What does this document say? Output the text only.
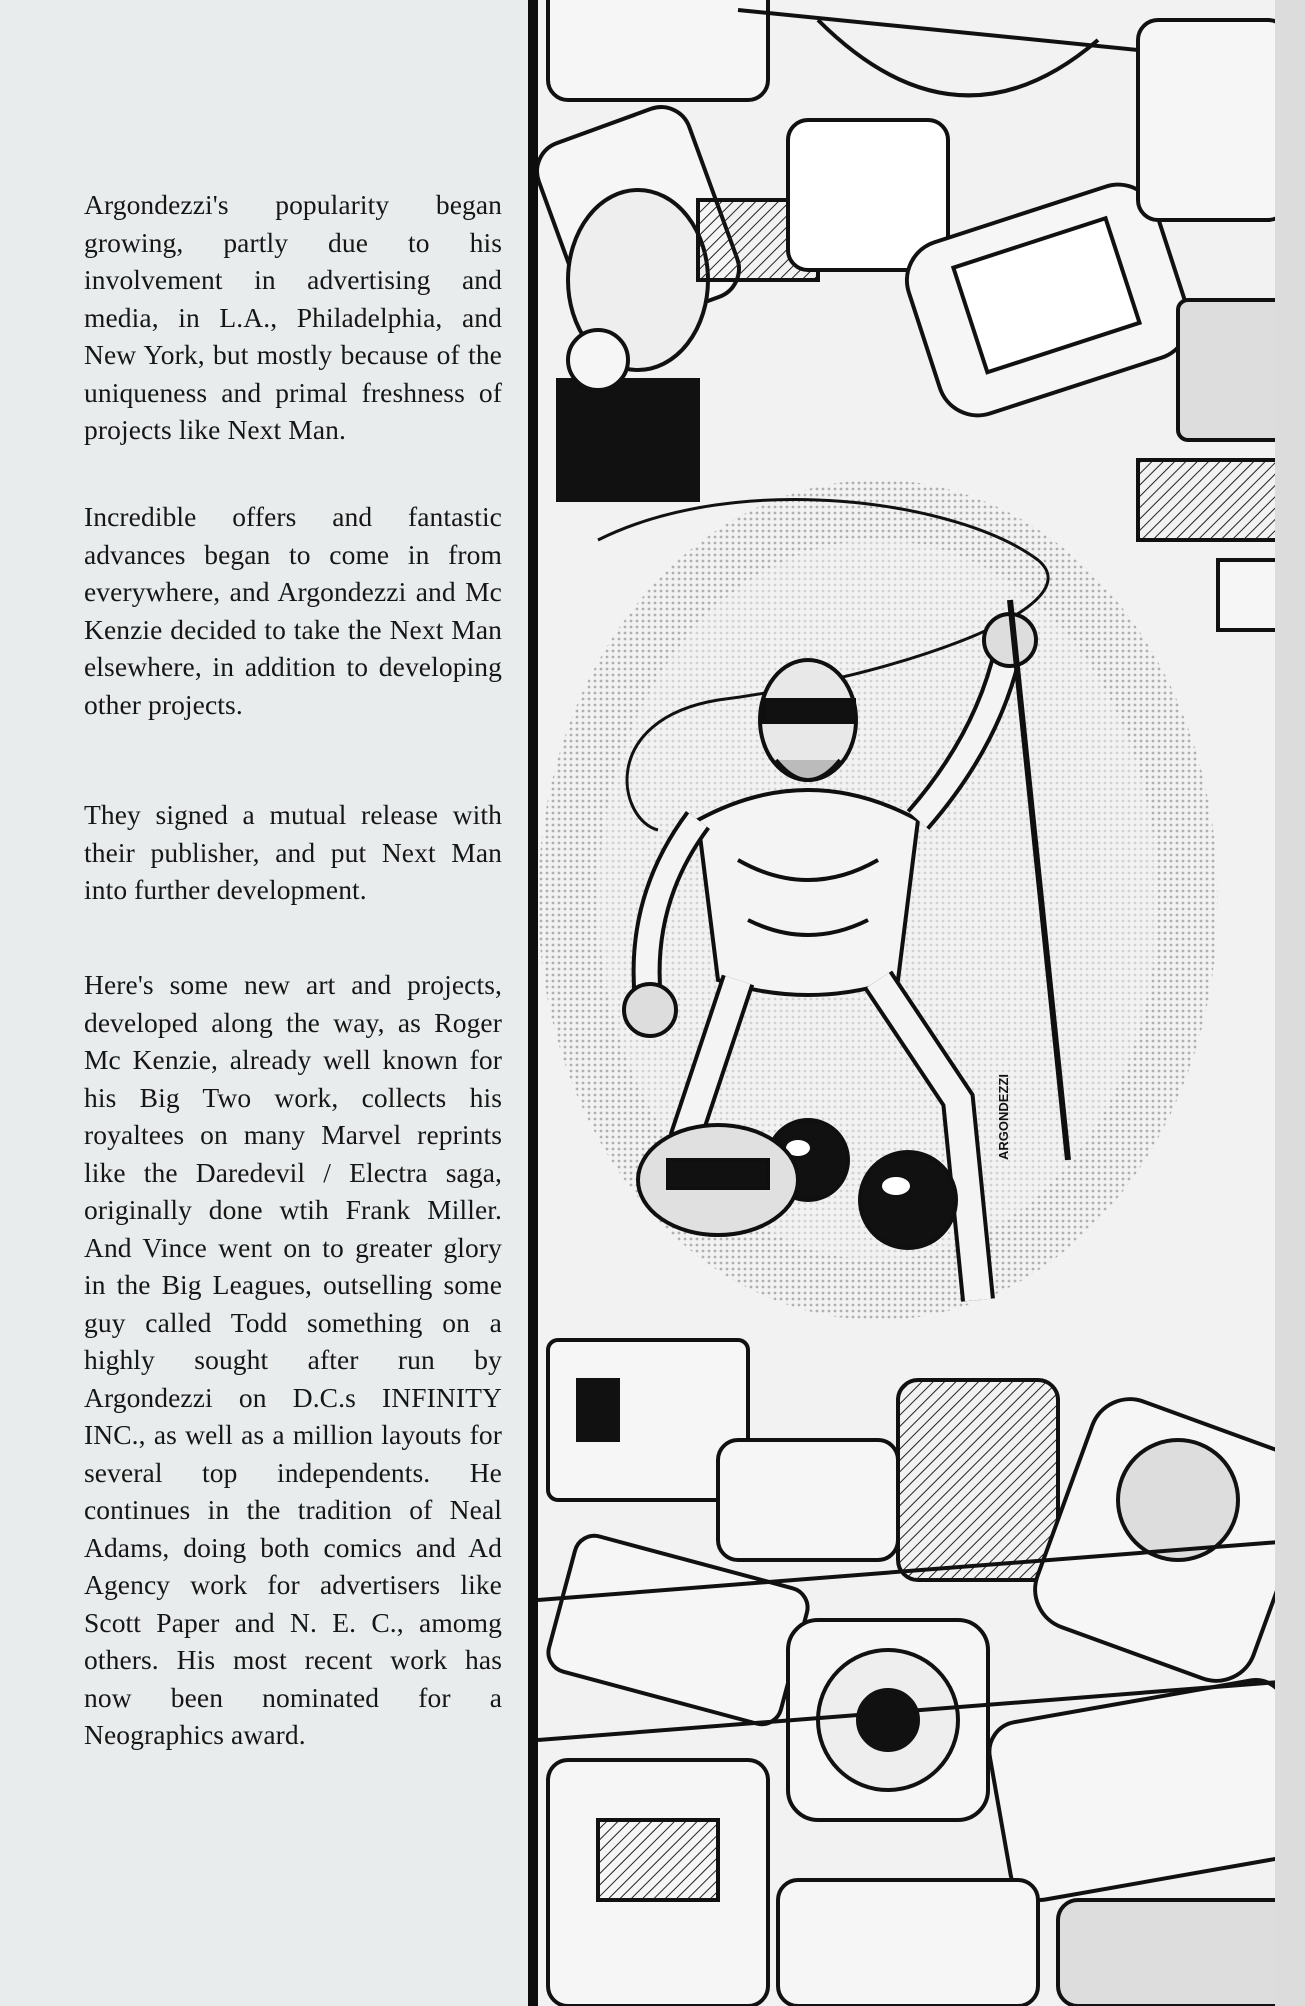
Argondezzi's popularity began growing, partly due to his involvement in advertising and media, in L.A., Philadelphia, and New York, but mostly because of the uniqueness and primal freshness of projects like Next Man.

Incredible offers and fantastic advances began to come in from everywhere, and Argondezzi and Mc Kenzie decided to take the Next Man elsewhere, in addition to developing other projects.

They signed a mutual release with their publisher, and put Next Man into further development.

Here's some new art and projects, developed along the way, as Roger Mc Kenzie, already well known for his Big Two work, collects his royaltees on many Marvel reprints like the Daredevil / Electra saga, originally done wtih Frank Miller. And Vince went on to greater glory in the Big Leagues, outselling some guy called Todd something on a highly sought after run by Argondezzi on D.C.s INFINITY INC., as well as a million layouts for several top independents. He continues in the tradition of Neal Adams, doing both comics and Ad Agency work for advertisers like Scott Paper and N. E. C., amomg others. His most recent work has now been nominated for a Neographics award.

ARGONDEZZI
